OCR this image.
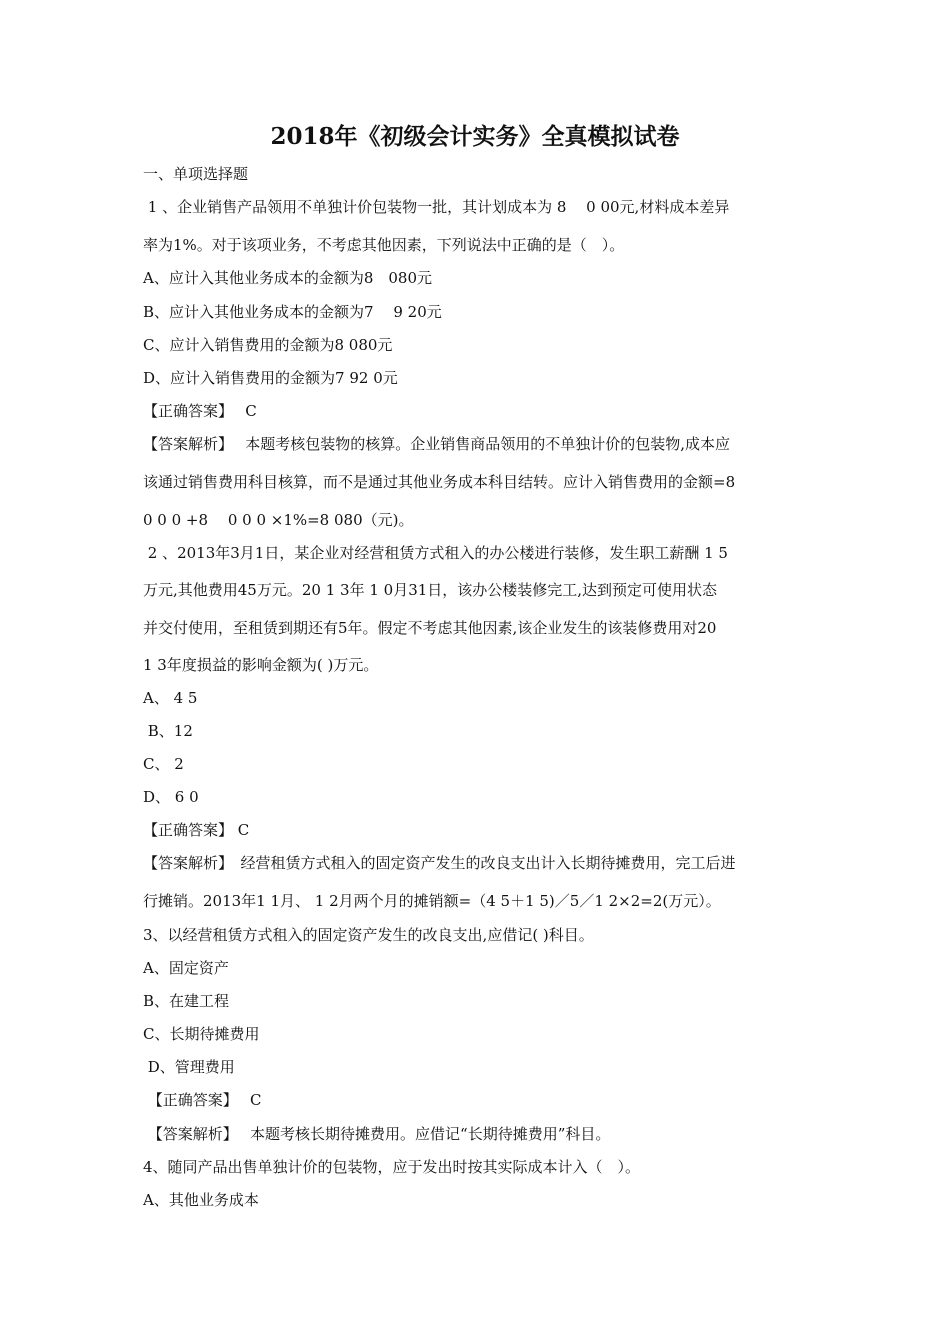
2018年《初级会计实务》全真模拟试卷
一、单项选择题
1 、企业销售产品领用不单独计价包装物一批，其计划成本为 8　 0 00元,材料成本差异
率为1%。对于该项业务，不考虑其他因素，下列说法中正确的是（　）。
A、应计入其他业务成本的金额为8　080元
B、应计入其他业务成本的金额为7　 9 20元
C、应计入销售费用的金额为8 080元
D、应计入销售费用的金额为7 92 0元
【正确答案】　 C
【答案解析】　 本题考核包装物的核算。企业销售商品领用的不单独计价的包装物,成本应
该通过销售费用科目核算，而不是通过其他业务成本科目结转。应计入销售费用的金额=8
0 0 0 +8　 0 0 0 ×1%=8 080（元)。
2 、2013年3月1日，某企业对经营租赁方式租入的办公楼进行装修，发生职工薪酬 1 5
万元,其他费用45万元。20 1 3年 1 0月31日，该办公楼装修完工,达到预定可使用状态
并交付使用，至租赁到期还有5年。假定不考虑其他因素,该企业发生的该装修费用对20
1 3年度损益的影响金额为( )万元。
A、 4 5
B、12
C、 2
D、 6 0
【正确答案】 C
【答案解析】　经营租赁方式租入的固定资产发生的改良支出计入长期待摊费用，完工后进
行摊销。2013年1 1月、 1 2月两个月的摊销额=（4 5＋1 5)／5／1 2×2=2(万元）。
3、以经营租赁方式租入的固定资产发生的改良支出,应借记( )科目。
A、固定资产
B、在建工程
C、长期待摊费用
D、管理费用
【正确答案】　 C
【答案解析】　 本题考核长期待摊费用。应借记“长期待摊费用”科目。
4、随同产品出售单独计价的包装物，应于发出时按其实际成本计入（　）。
A、其他业务成本
